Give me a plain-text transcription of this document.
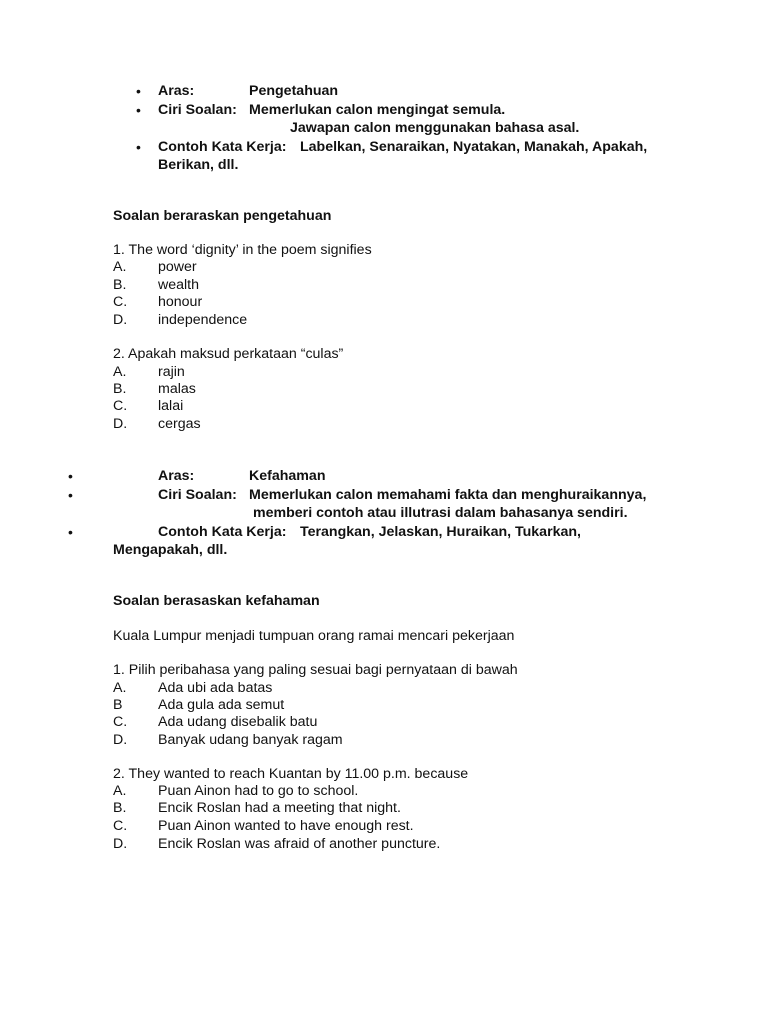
• Aras:	Pengetahuan
• Ciri Soalan: Memerlukan calon mengingat semula.
Jawapan calon menggunakan bahasa asal.
• Contoh Kata Kerja: Labelkan, Senaraikan, Nyatakan, Manakah, Apakah,
Berikan, dll.
Soalan beraraskan pengetahuan
1. The word ‘dignity’ in the poem signifies
A. power
B. wealth
C. honour
D. independence
2. Apakah maksud perkataan “culas”
A. rajin
B. malas
C. lalai
D. cergas
•	Aras:	Kefahaman
•	Ciri Soalan: Memerlukan calon memahami fakta dan menghuraikannya,
memberi contoh atau illutrasi dalam bahasanya sendiri.
•	Contoh Kata Kerja: Terangkan, Jelaskan, Huraikan, Tukarkan,
Mengapakah, dll.
Soalan berasaskan kefahaman
Kuala Lumpur menjadi tumpuan orang ramai mencari pekerjaan
1. Pilih peribahasa yang paling sesuai bagi pernyataan di bawah
A. Ada ubi ada batas
B	Ada gula ada semut
C. Ada udang disebalik batu
D. Banyak udang banyak ragam
2. They wanted to reach Kuantan by 11.00 p.m. because
A. Puan Ainon had to go to school.
B. Encik Roslan had a meeting that night.
C. Puan Ainon wanted to have enough rest.
D. Encik Roslan was afraid of another puncture.
